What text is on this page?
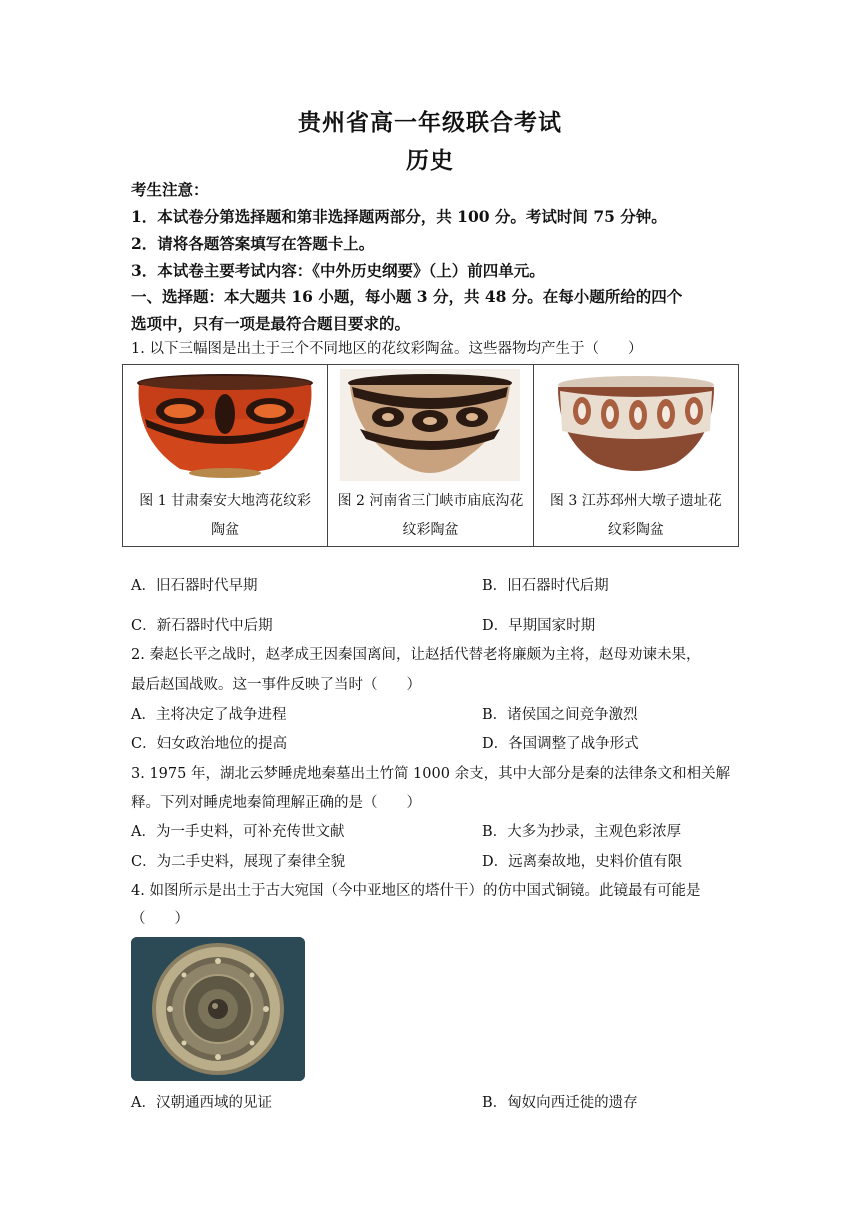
贵州省高一年级联合考试
历史
考生注意：
1．本试卷分第选择题和第非选择题两部分，共 100 分。考试时间 75 分钟。
2．请将各题答案填写在答题卡上。
3．本试卷主要考试内容：《中外历史纲要》（上）前四单元。
一、选择题：本大题共 16 小题，每小题 3 分，共 48 分。在每小题所给的四个
选项中，只有一项是最符合题目要求的。
1. 以下三幅图是出土于三个不同地区的花纹彩陶盆。这些器物均产生于（　　）
图 1 甘肃秦安大地湾花纹彩
陶盆

图 2 河南省三门峡市庙底沟花
纹彩陶盆

图 3 江苏邳州大墩子遗址花
纹彩陶盆
A．旧石器时代早期	B．旧石器时代后期
C．新石器时代中后期	D．早期国家时期
2. 秦赵长平之战时，赵孝成王因秦国离间，让赵括代替老将廉颇为主将，赵母劝谏未果，
最后赵国战败。这一事件反映了当时（　　）
A．主将决定了战争进程	B．诸侯国之间竞争激烈
C．妇女政治地位的提高	D．各国调整了战争形式
3. 1975 年，湖北云梦睡虎地秦墓出土竹简 1000 余支，其中大部分是秦的法律条文和相关解
释。下列对睡虎地秦简理解正确的是（　　）
A．为一手史料，可补充传世文献	B．大多为抄录，主观色彩浓厚
C．为二手史料，展现了秦律全貌	D．远离秦故地，史料价值有限
4. 如图所示是出土于古大宛国（今中亚地区的塔什干）的仿中国式铜镜。此镜最有可能是
（　　）
A．汉朝通西域的见证	B．匈奴向西迁徙的遗存
